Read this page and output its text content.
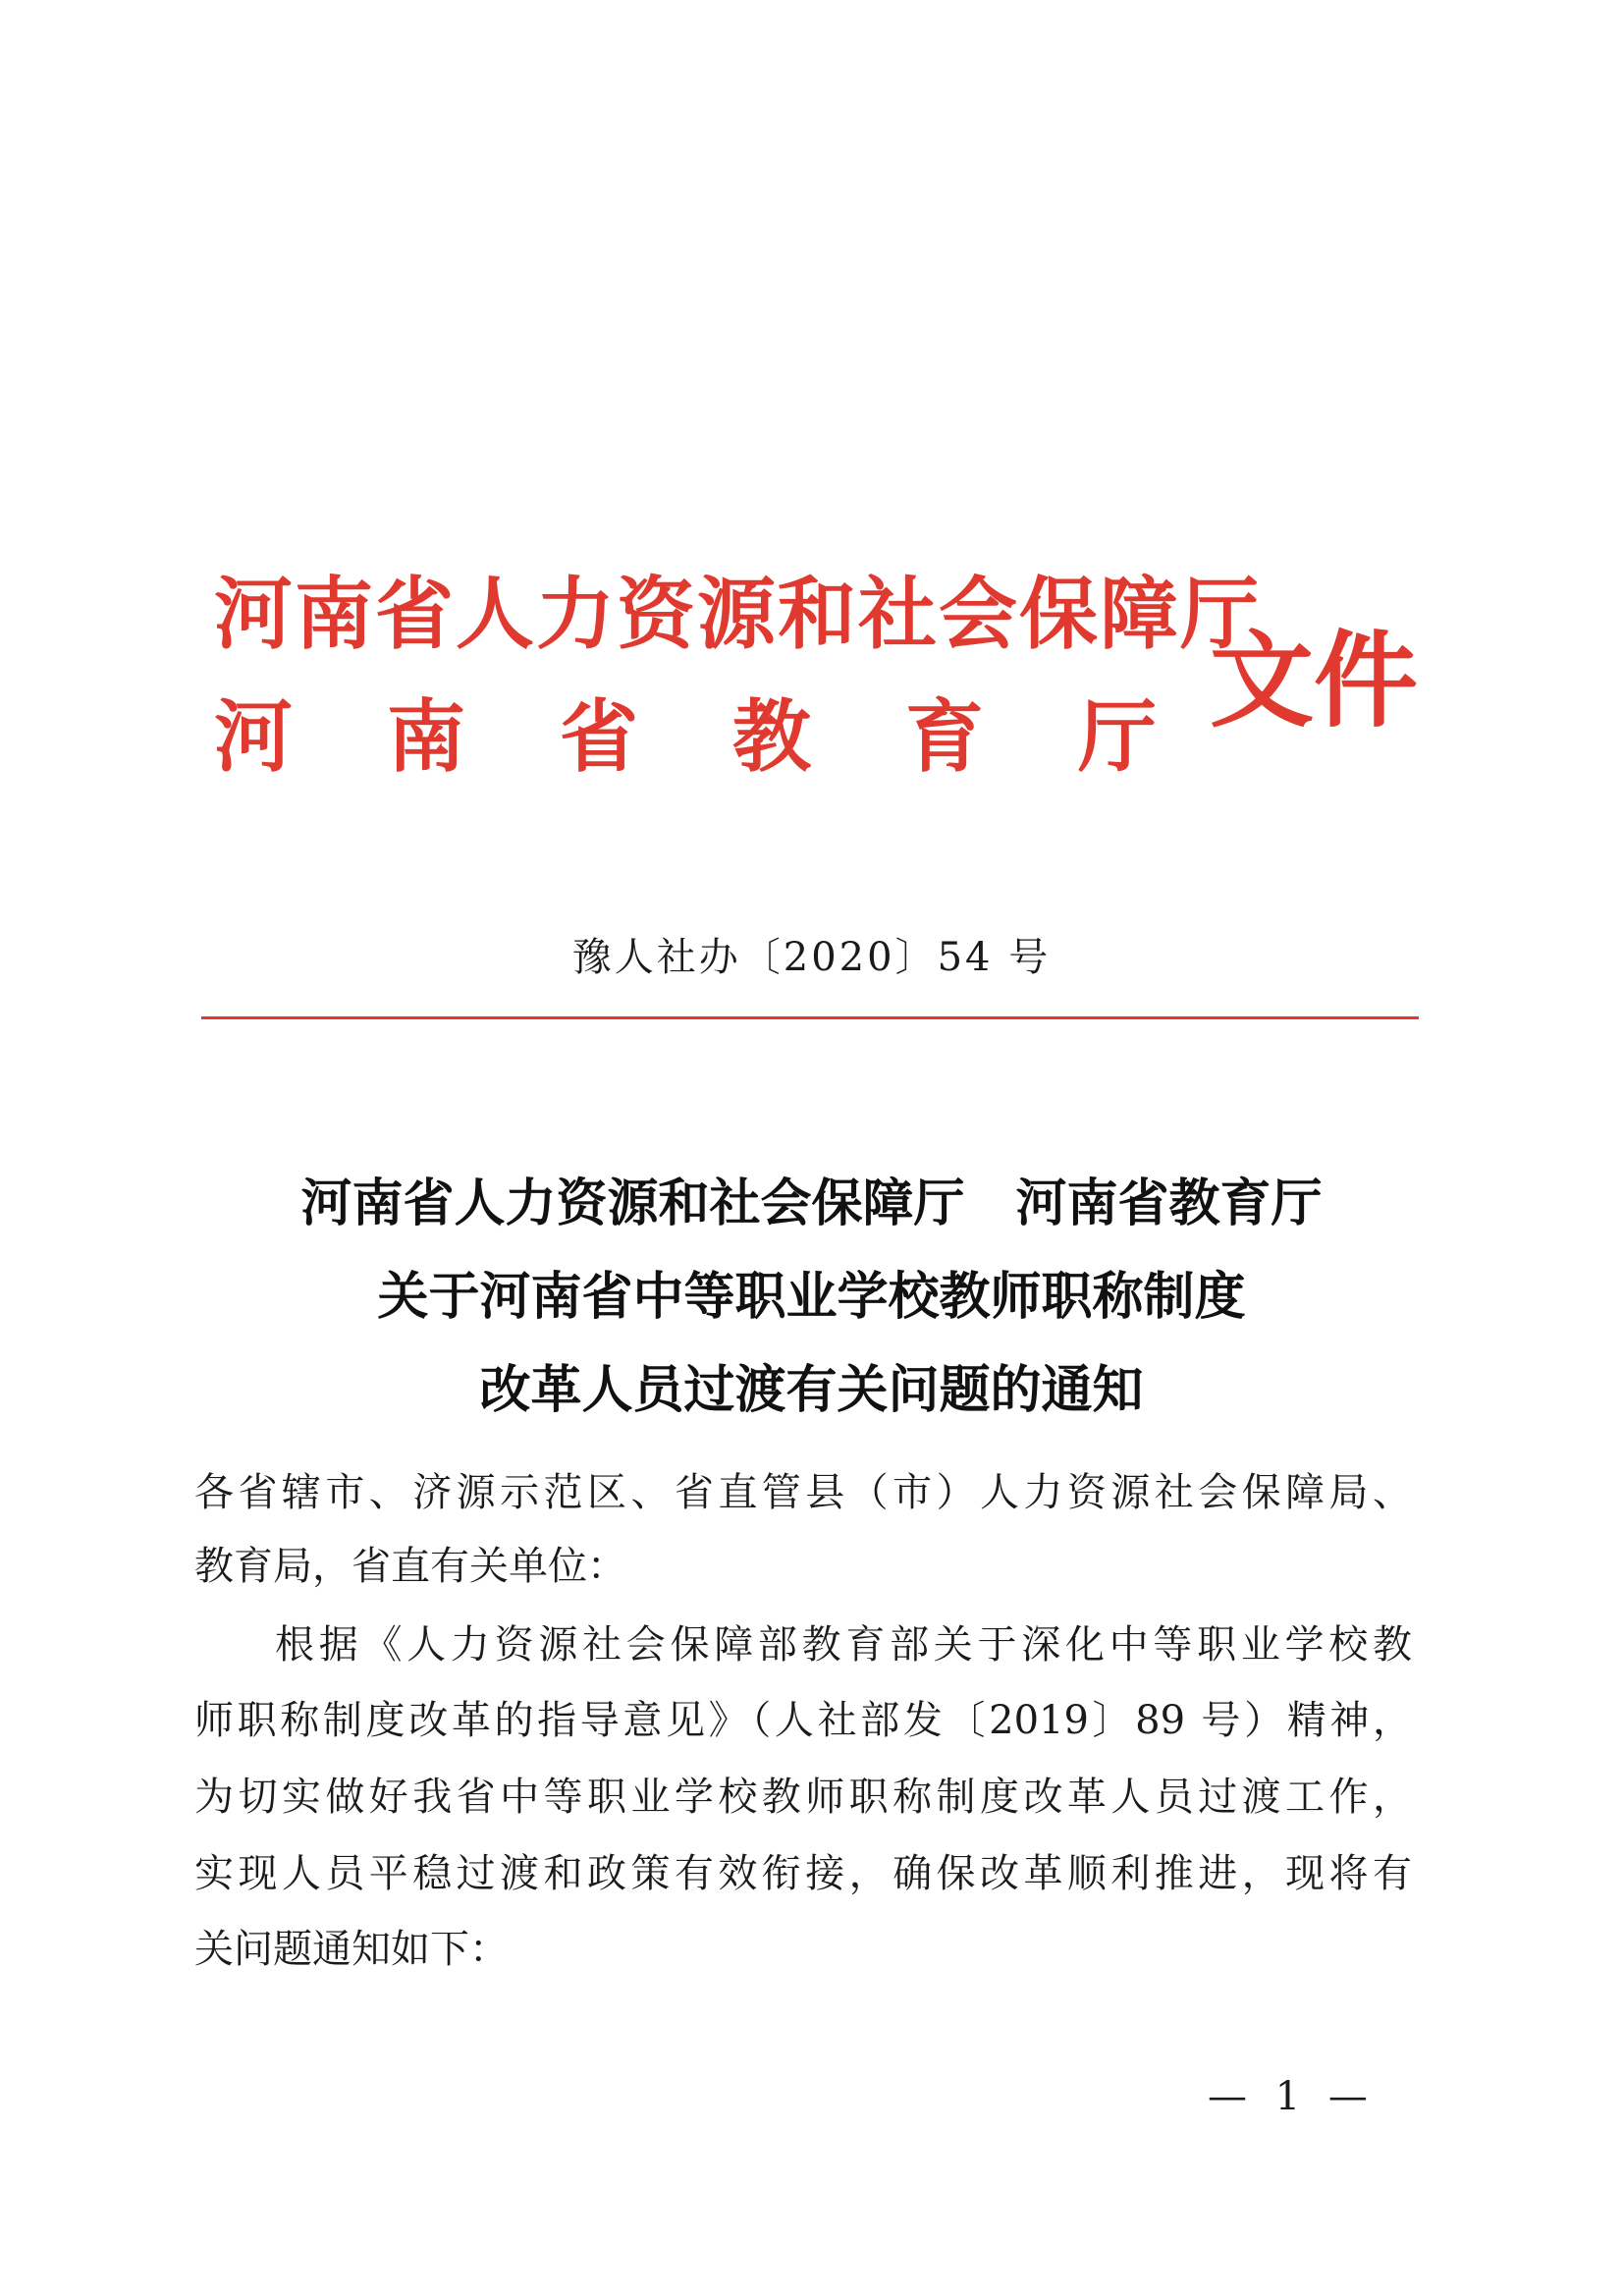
河南省人力资源和社会保障厅
河 南 省 教 育 厅 文件
豫人社办〔2020〕54 号
河南省人力资源和社会保障厅　河南省教育厅
关于河南省中等职业学校教师职称制度
改革人员过渡有关问题的通知
各省辖市、济源示范区、省直管县（市）人力资源社会保障局、
教育局，省直有关单位：
根据《人力资源社会保障部教育部关于深化中等职业学校教
师职称制度改革的指导意见》（人社部发〔2019〕89 号）精神，
为切实做好我省中等职业学校教师职称制度改革人员过渡工作，
实现人员平稳过渡和政策有效衔接，确保改革顺利推进，现将有
关问题通知如下：
— 1 —
